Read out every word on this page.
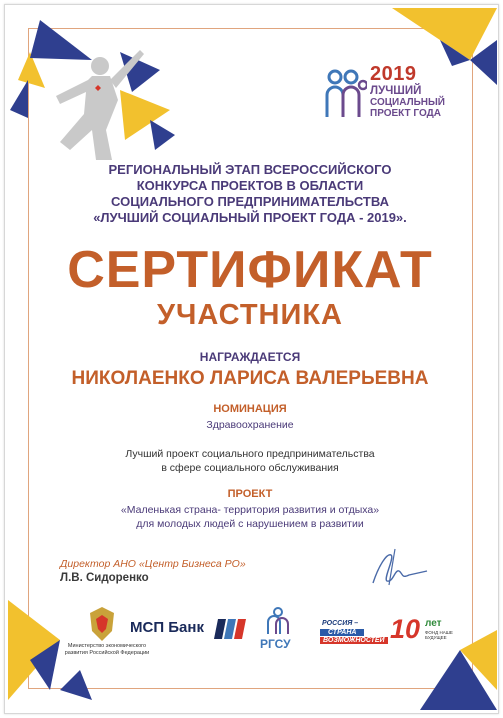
2019
ЛУЧШИЙ
СОЦИАЛЬНЫЙ
ПРОЕКТ ГОДА
РЕГИОНАЛЬНЫЙ ЭТАП ВСЕРОССИЙСКОГО
КОНКУРСА ПРОЕКТОВ В ОБЛАСТИ
СОЦИАЛЬНОГО ПРЕДПРИНИМАТЕЛЬСТВА
«ЛУЧШИЙ СОЦИАЛЬНЫЙ ПРОЕКТ ГОДА - 2019».
СЕРТИФИКАТ
УЧАСТНИКА
НАГРАЖДАЕТСЯ
НИКОЛАЕНКО ЛАРИСА ВАЛЕРЬЕВНА
НОМИНАЦИЯ
Здравоохранение
Лучший проект социального предпринимательства
в сфере социального обслуживания
ПРОЕКТ
«Маленькая страна- территория развития и отдыха»
для молодых людей с нарушением в развитии
Директор АНО «Центр Бизнеса РО»
Л.В. Сидоренко
Министерство экономического развития Российской Федерации
МСП Банк
РГСУ
РОССИЯ –
СТРАНА
ВОЗМОЖНОСТЕЙ 10 лет
ФОНД НАШЕ БУДУЩЕЕ
